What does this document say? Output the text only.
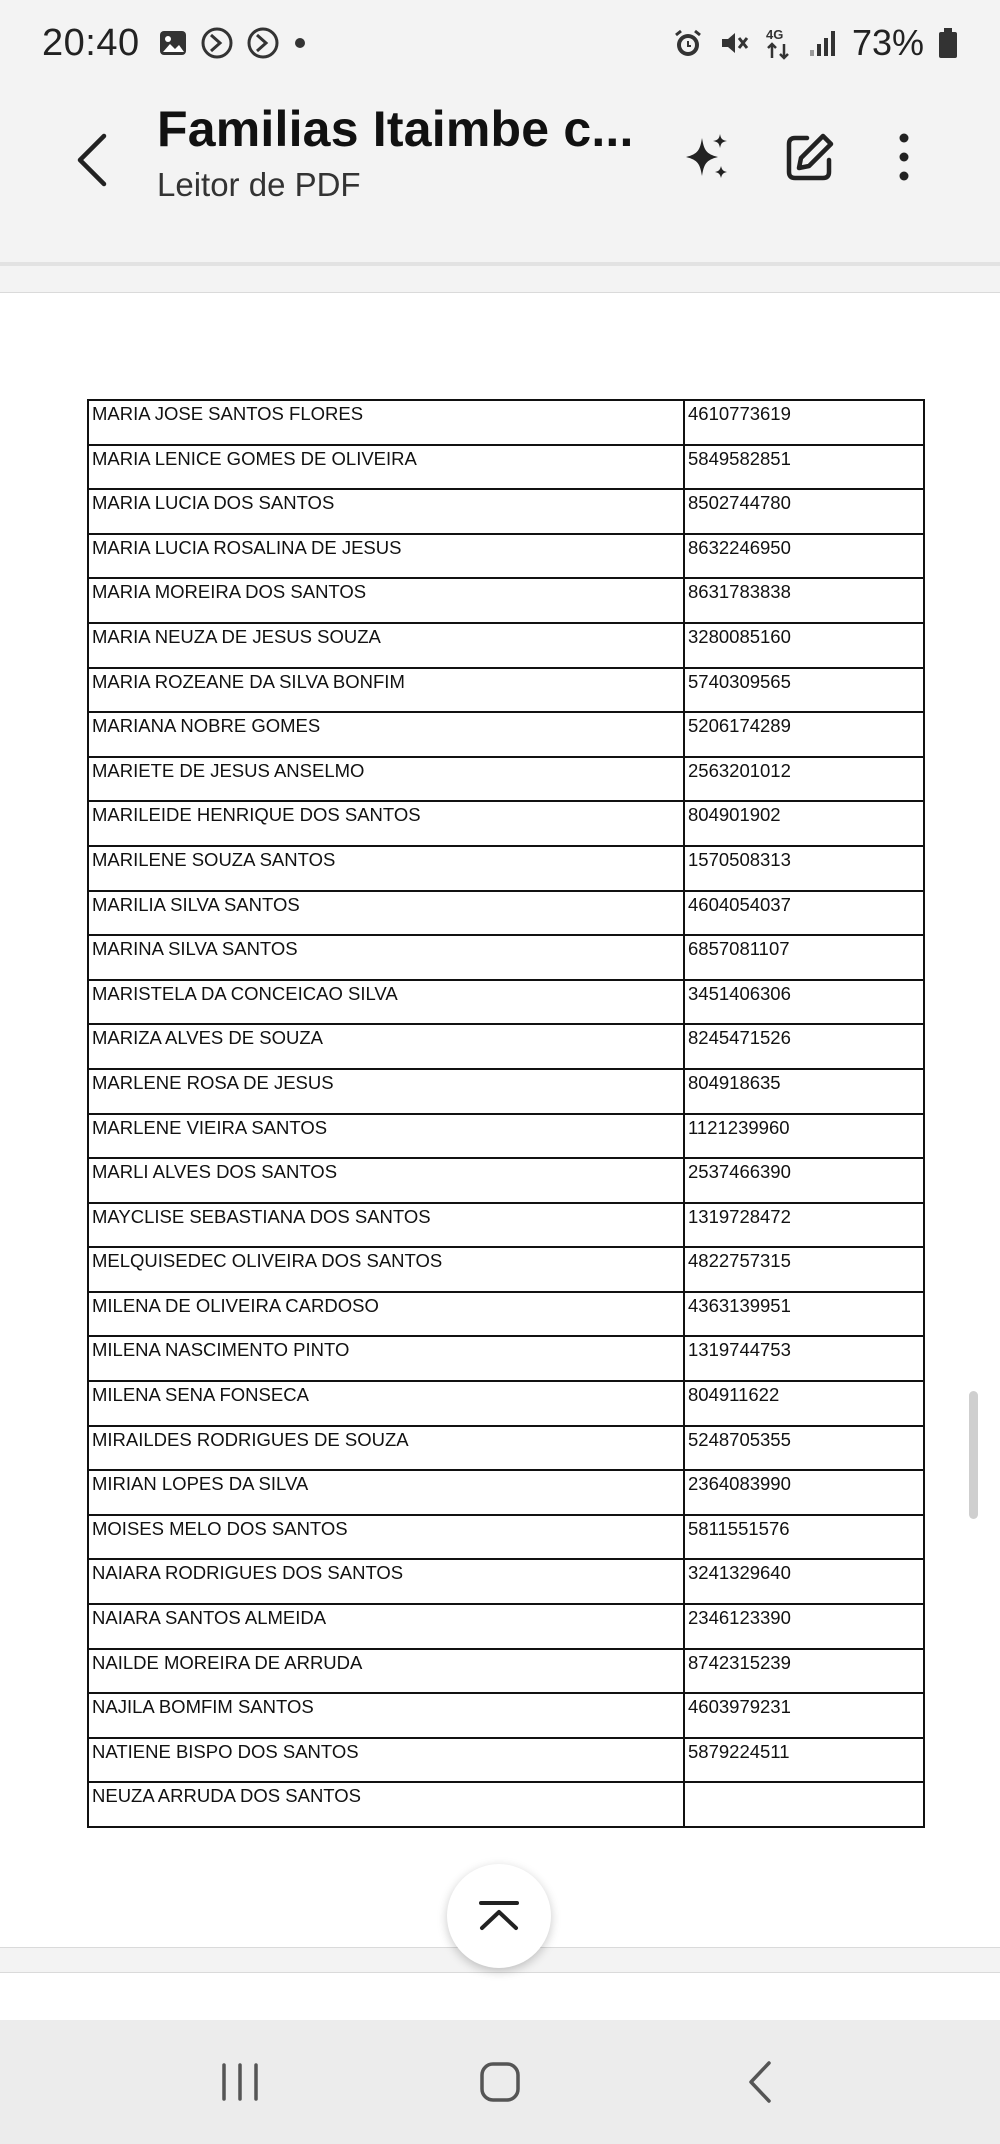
20:40	4G 73%
Familias Itaimbe c...
Leitor de PDF
MARIA JOSE SANTOS FLORES	4610773619
MARIA LENICE GOMES DE OLIVEIRA	5849582851
MARIA LUCIA DOS SANTOS	8502744780
MARIA LUCIA ROSALINA DE JESUS	8632246950
MARIA MOREIRA DOS SANTOS	8631783838
MARIA NEUZA DE JESUS SOUZA	3280085160
MARIA ROZEANE DA SILVA BONFIM	5740309565
MARIANA NOBRE GOMES	5206174289
MARIETE DE JESUS ANSELMO	2563201012
MARILEIDE HENRIQUE DOS SANTOS	804901902
MARILENE SOUZA SANTOS	1570508313
MARILIA SILVA SANTOS	4604054037
MARINA SILVA SANTOS	6857081107
MARISTELA DA CONCEICAO SILVA	3451406306
MARIZA ALVES DE SOUZA	8245471526
MARLENE ROSA DE JESUS	804918635
MARLENE VIEIRA SANTOS	1121239960
MARLI ALVES DOS SANTOS	2537466390
MAYCLISE SEBASTIANA DOS SANTOS	1319728472
MELQUISEDEC OLIVEIRA DOS SANTOS	4822757315
MILENA DE OLIVEIRA CARDOSO	4363139951
MILENA NASCIMENTO PINTO	1319744753
MILENA SENA FONSECA	804911622
MIRAILDES RODRIGUES DE SOUZA	5248705355
MIRIAN LOPES DA SILVA	2364083990
MOISES MELO DOS SANTOS	5811551576
NAIARA RODRIGUES DOS SANTOS	3241329640
NAIARA SANTOS ALMEIDA	2346123390
NAILDE MOREIRA DE ARRUDA	8742315239
NAJILA BOMFIM SANTOS	4603979231
NATIENE BISPO DOS SANTOS	5879224511
NEUZA ARRUDA DOS SANTOS	
